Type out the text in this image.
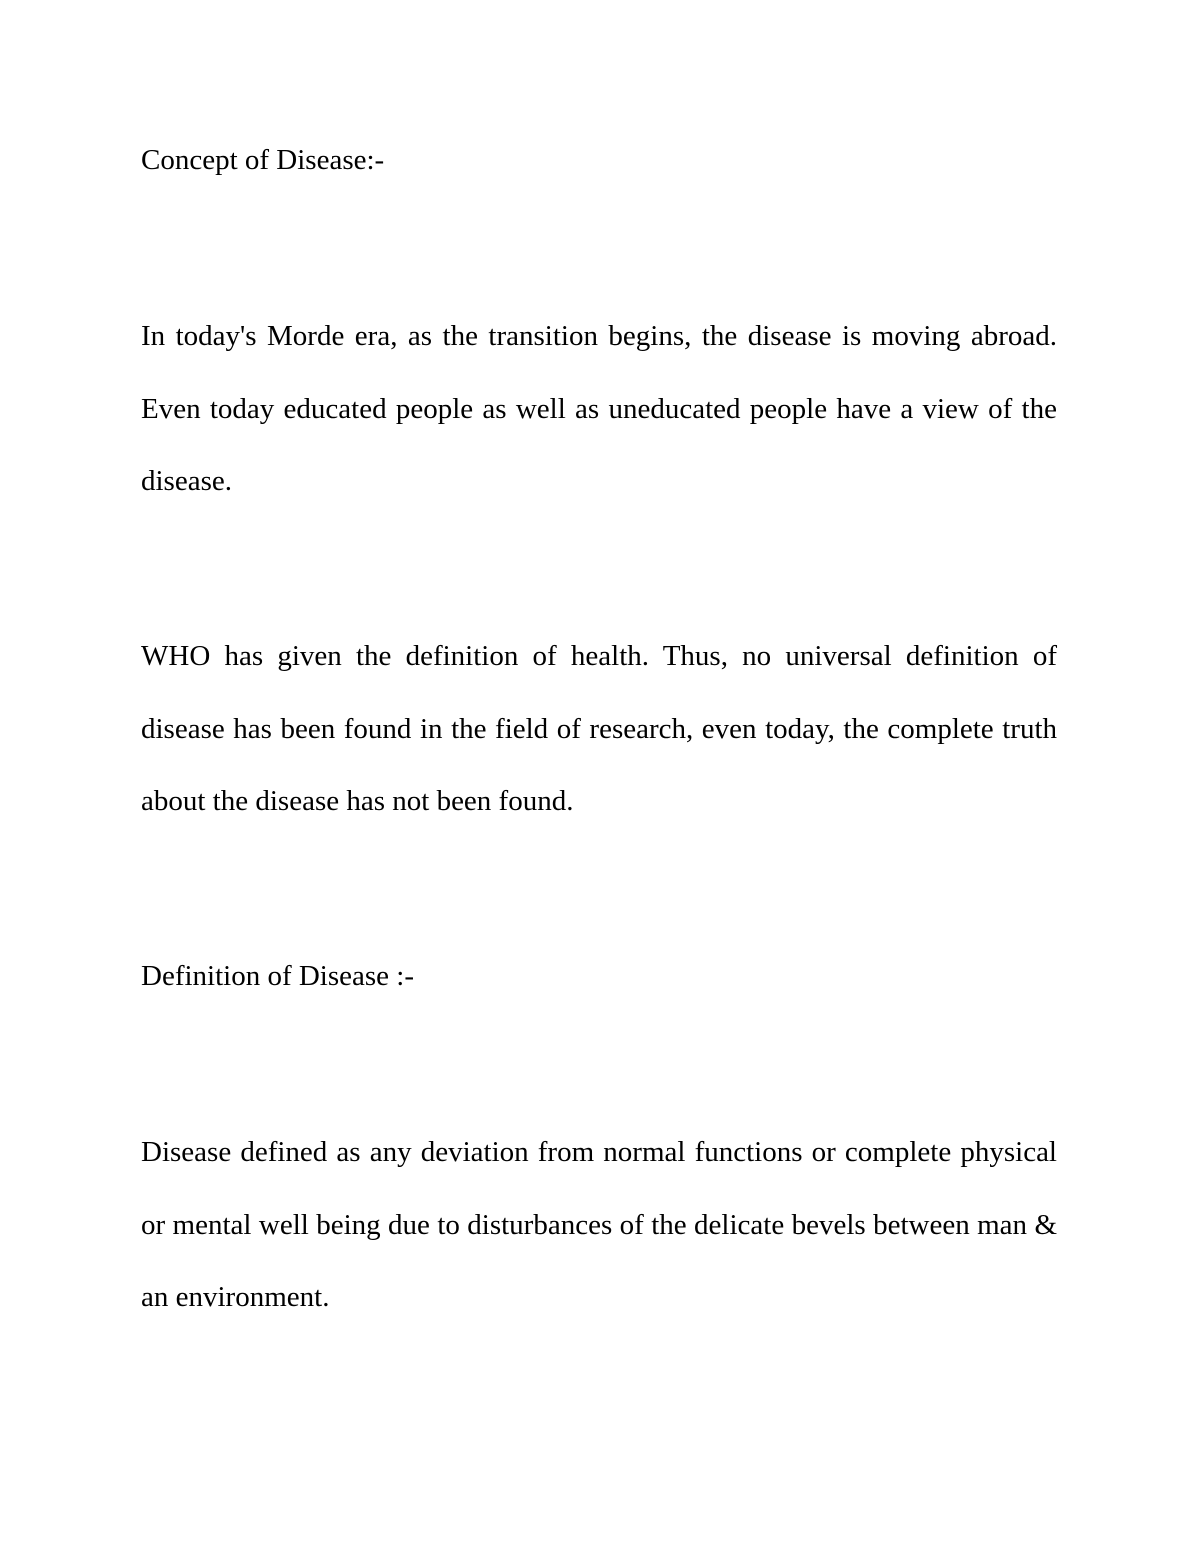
Concept of Disease:-

In today's Morde era, as the transition begins, the disease is moving abroad. Even today educated people as well as uneducated people have a view of the disease.

WHO has given the definition of health. Thus, no universal definition of disease has been found in the field of research, even today, the complete truth about the disease has not been found.

Definition of Disease :-

Disease defined as any deviation from normal functions or complete physical or mental well being due to disturbances of the delicate bevels between man & an environment.
